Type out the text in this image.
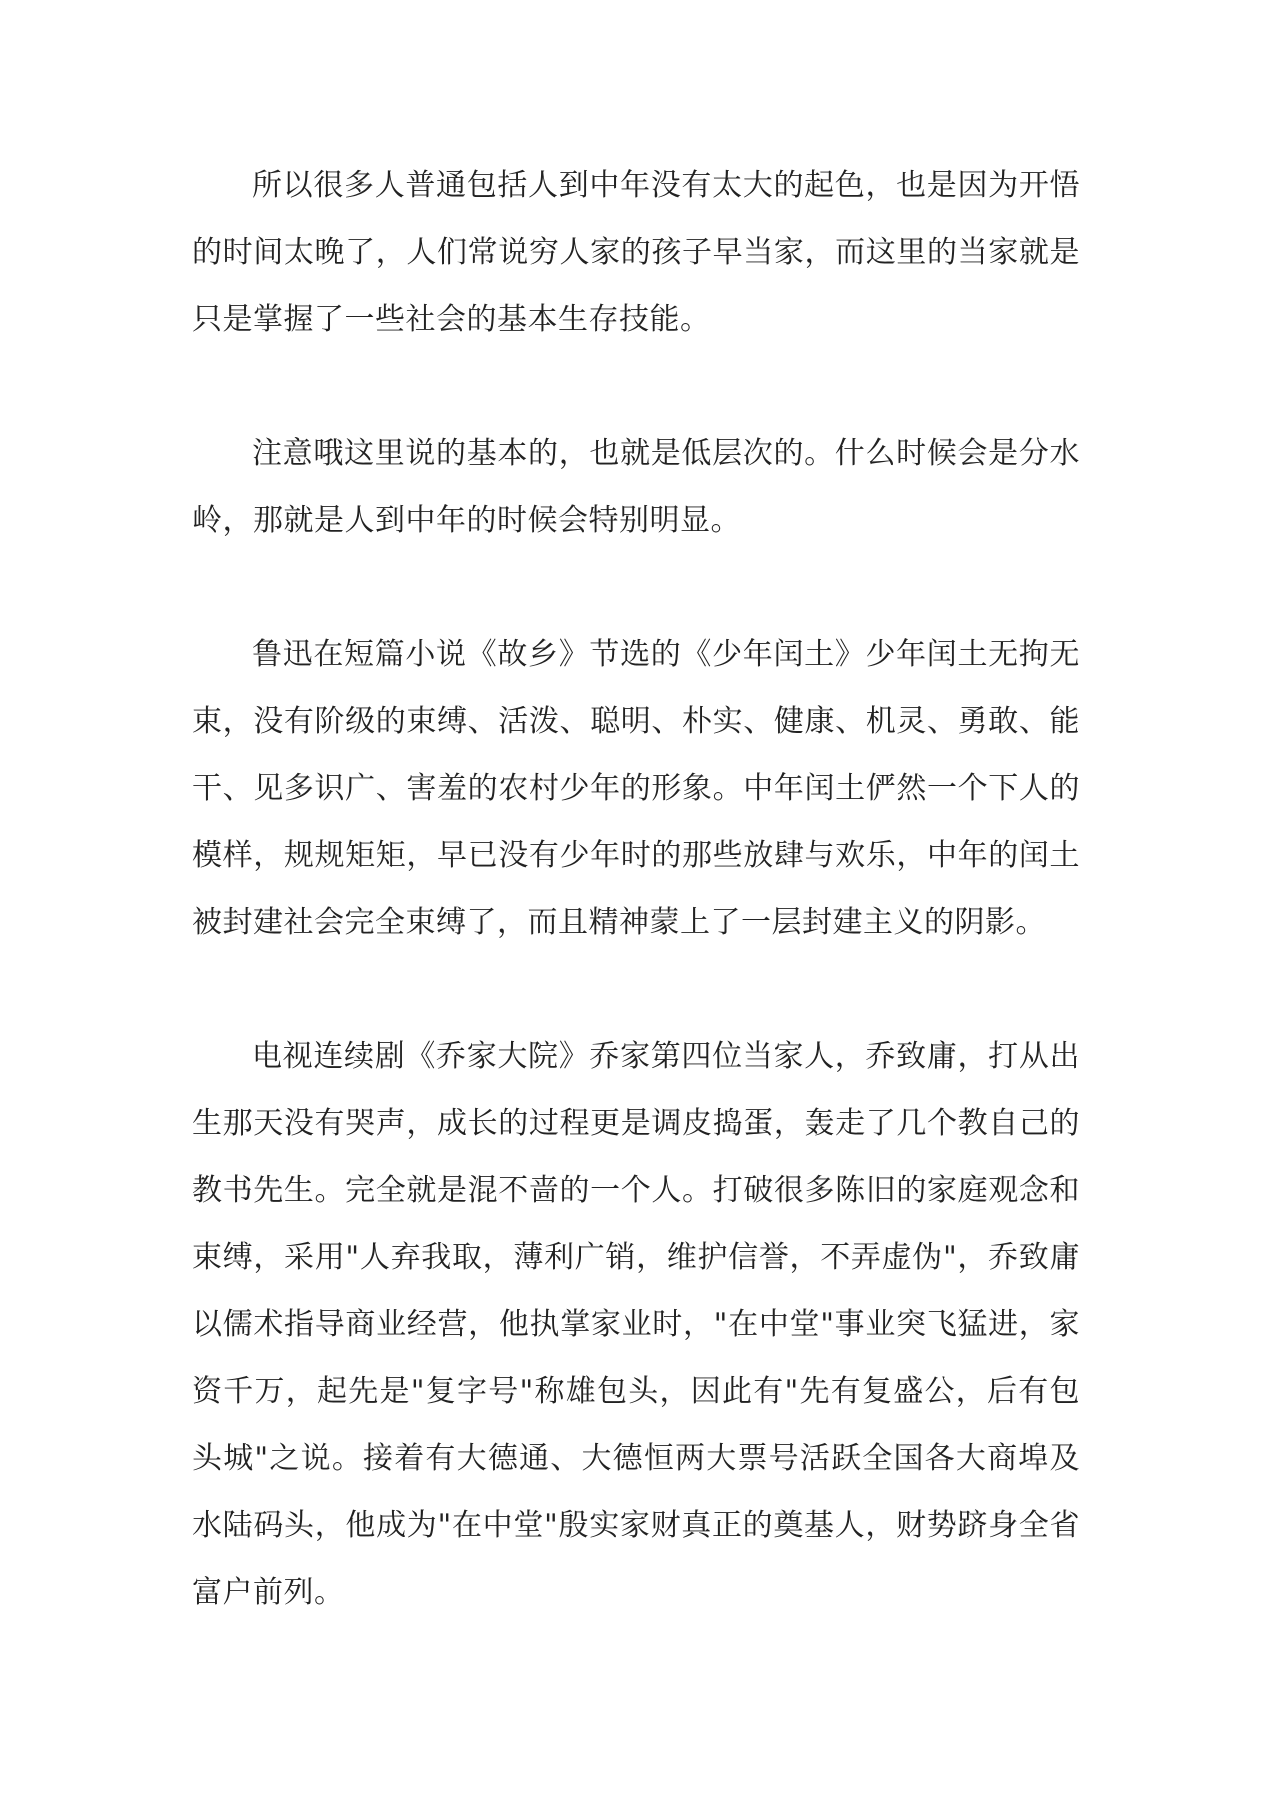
所以很多人普通包括人到中年没有太大的起色，也是因为开悟的时间太晚了，人们常说穷人家的孩子早当家，而这里的当家就是只是掌握了一些社会的基本生存技能。

注意哦这里说的基本的，也就是低层次的。什么时候会是分水岭，那就是人到中年的时候会特别明显。

鲁迅在短篇小说《故乡》节选的《少年闰土》少年闰土无拘无束，没有阶级的束缚、活泼、聪明、朴实、健康、机灵、勇敢、能干、见多识广、害羞的农村少年的形象。中年闰土俨然一个下人的模样，规规矩矩，早已没有少年时的那些放肆与欢乐，中年的闰土被封建社会完全束缚了，而且精神蒙上了一层封建主义的阴影。

电视连续剧《乔家大院》乔家第四位当家人，乔致庸，打从出生那天没有哭声，成长的过程更是调皮捣蛋，轰走了几个教自己的教书先生。完全就是混不啬的一个人。打破很多陈旧的家庭观念和束缚，采用"人弃我取，薄利广销，维护信誉，不弄虚伪"，乔致庸以儒术指导商业经营，他执掌家业时，"在中堂"事业突飞猛进，家资千万，起先是"复字号"称雄包头，因此有"先有复盛公，后有包头城"之说。接着有大德通、大德恒两大票号活跃全国各大商埠及水陆码头，他成为"在中堂"殷实家财真正的奠基人，财势跻身全省富户前列。
